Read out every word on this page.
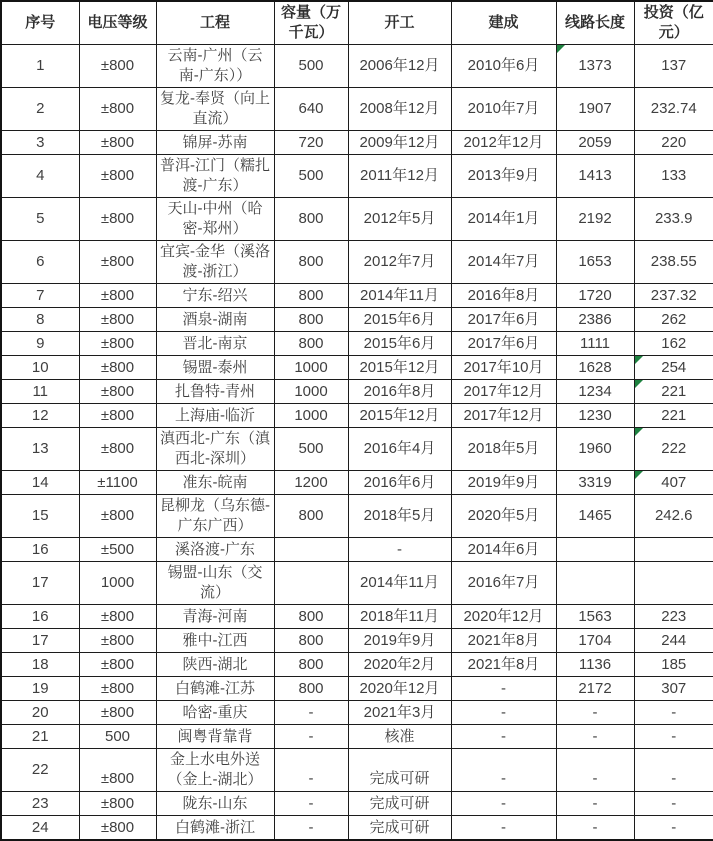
序号	电压等级	工程	容量（万千瓦）	开工	建成	线路长度	投资（亿元）
1	±800	云南-广州（云南-广东））	500	2006年12月	2010年6月	1373	137
2	±800	复龙-奉贤（向上直流）	640	2008年12月	2010年7月	1907	232.74
3	±800	锦屏-苏南	720	2009年12月	2012年12月	2059	220
4	±800	普洱-江门（糯扎渡-广东）	500	2011年12月	2013年9月	1413	133
5	±800	天山-中州（哈密-郑州）	800	2012年5月	2014年1月	2192	233.9
6	±800	宜宾-金华（溪洛渡-浙江）	800	2012年7月	2014年7月	1653	238.55
7	±800	宁东-绍兴	800	2014年11月	2016年8月	1720	237.32
8	±800	酒泉-湖南	800	2015年6月	2017年6月	2386	262
9	±800	晋北-南京	800	2015年6月	2017年6月	1111	162
10	±800	锡盟-泰州	1000	2015年12月	2017年10月	1628	254

11	±800	扎鲁特-青州	1000	2016年8月	2017年12月	1234	221

12	±800	上海庙-临沂	1000	2015年12月	2017年12月	1230	221
13	±800	滇西北-广东（滇西北-深圳）	500	2016年4月	2018年5月	1960	222

14	±1100	准东-皖南	1200	2016年6月	2019年9月	3319	407

15	±800	昆柳龙（乌东德-广东广西）	800	2018年5月	2020年5月	1465	242.6
16	±500	溪洛渡-广东		-	2014年6月		
17	1000	锡盟-山东（交流）		2014年11月	2016年7月		
16	±800	青海-河南	800	2018年11月	2020年12月	1563	223
17	±800	雅中-江西	800	2019年9月	2021年8月	1704	244
18	±800	陕西-湖北	800	2020年2月	2021年8月	1136	185
19	±800	白鹤滩-江苏	800	2020年12月	-	2172	307
20	±800	哈密-重庆	-	2021年3月	-	-	-
21	500	闽粤背靠背	-	核准	-	-	-
22	±800	金上水电外送（金上-湖北）	-	完成可研	-	-	-
23	±800	陇东-山东	-	完成可研	-	-	-
24	±800	白鹤滩-浙江	-	完成可研	-	-	-
